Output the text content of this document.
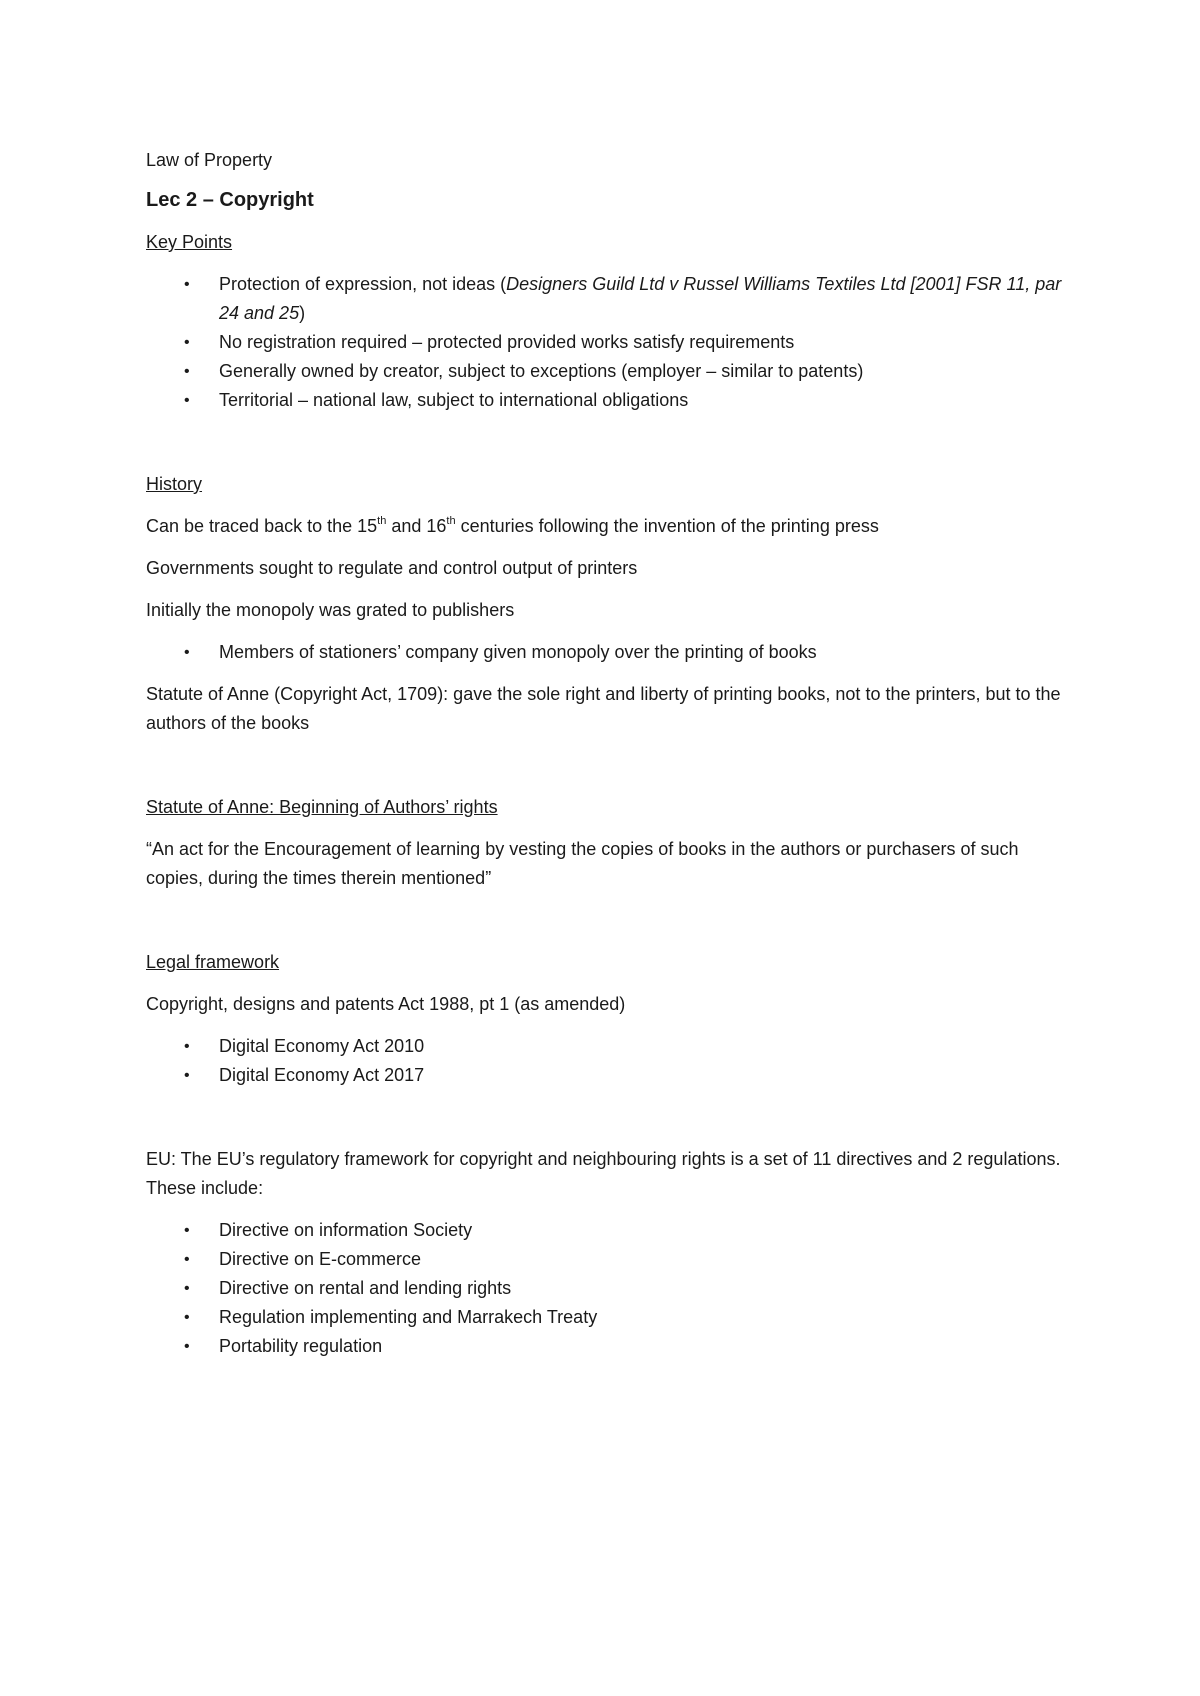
Law of Property

Lec 2 – Copyright

Key Points

• Protection of expression, not ideas (Designers Guild Ltd v Russel Williams Textiles Ltd [2001] FSR 11, par 24 and 25)
• No registration required – protected provided works satisfy requirements
• Generally owned by creator, subject to exceptions (employer – similar to patents)
• Territorial – national law, subject to international obligations

History

Can be traced back to the 15th and 16th centuries following the invention of the printing press

Governments sought to regulate and control output of printers

Initially the monopoly was grated to publishers

• Members of stationers’ company given monopoly over the printing of books

Statute of Anne (Copyright Act, 1709): gave the sole right and liberty of printing books, not to the printers, but to the authors of the books

Statute of Anne: Beginning of Authors’ rights

“An act for the Encouragement of learning by vesting the copies of books in the authors or purchasers of such copies, during the times therein mentioned”

Legal framework

Copyright, designs and patents Act 1988, pt 1 (as amended)

• Digital Economy Act 2010
• Digital Economy Act 2017

EU: The EU’s regulatory framework for copyright and neighbouring rights is a set of 11 directives and 2 regulations. These include:

• Directive on information Society
• Directive on E-commerce
• Directive on rental and lending rights
• Regulation implementing and Marrakech Treaty
• Portability regulation
